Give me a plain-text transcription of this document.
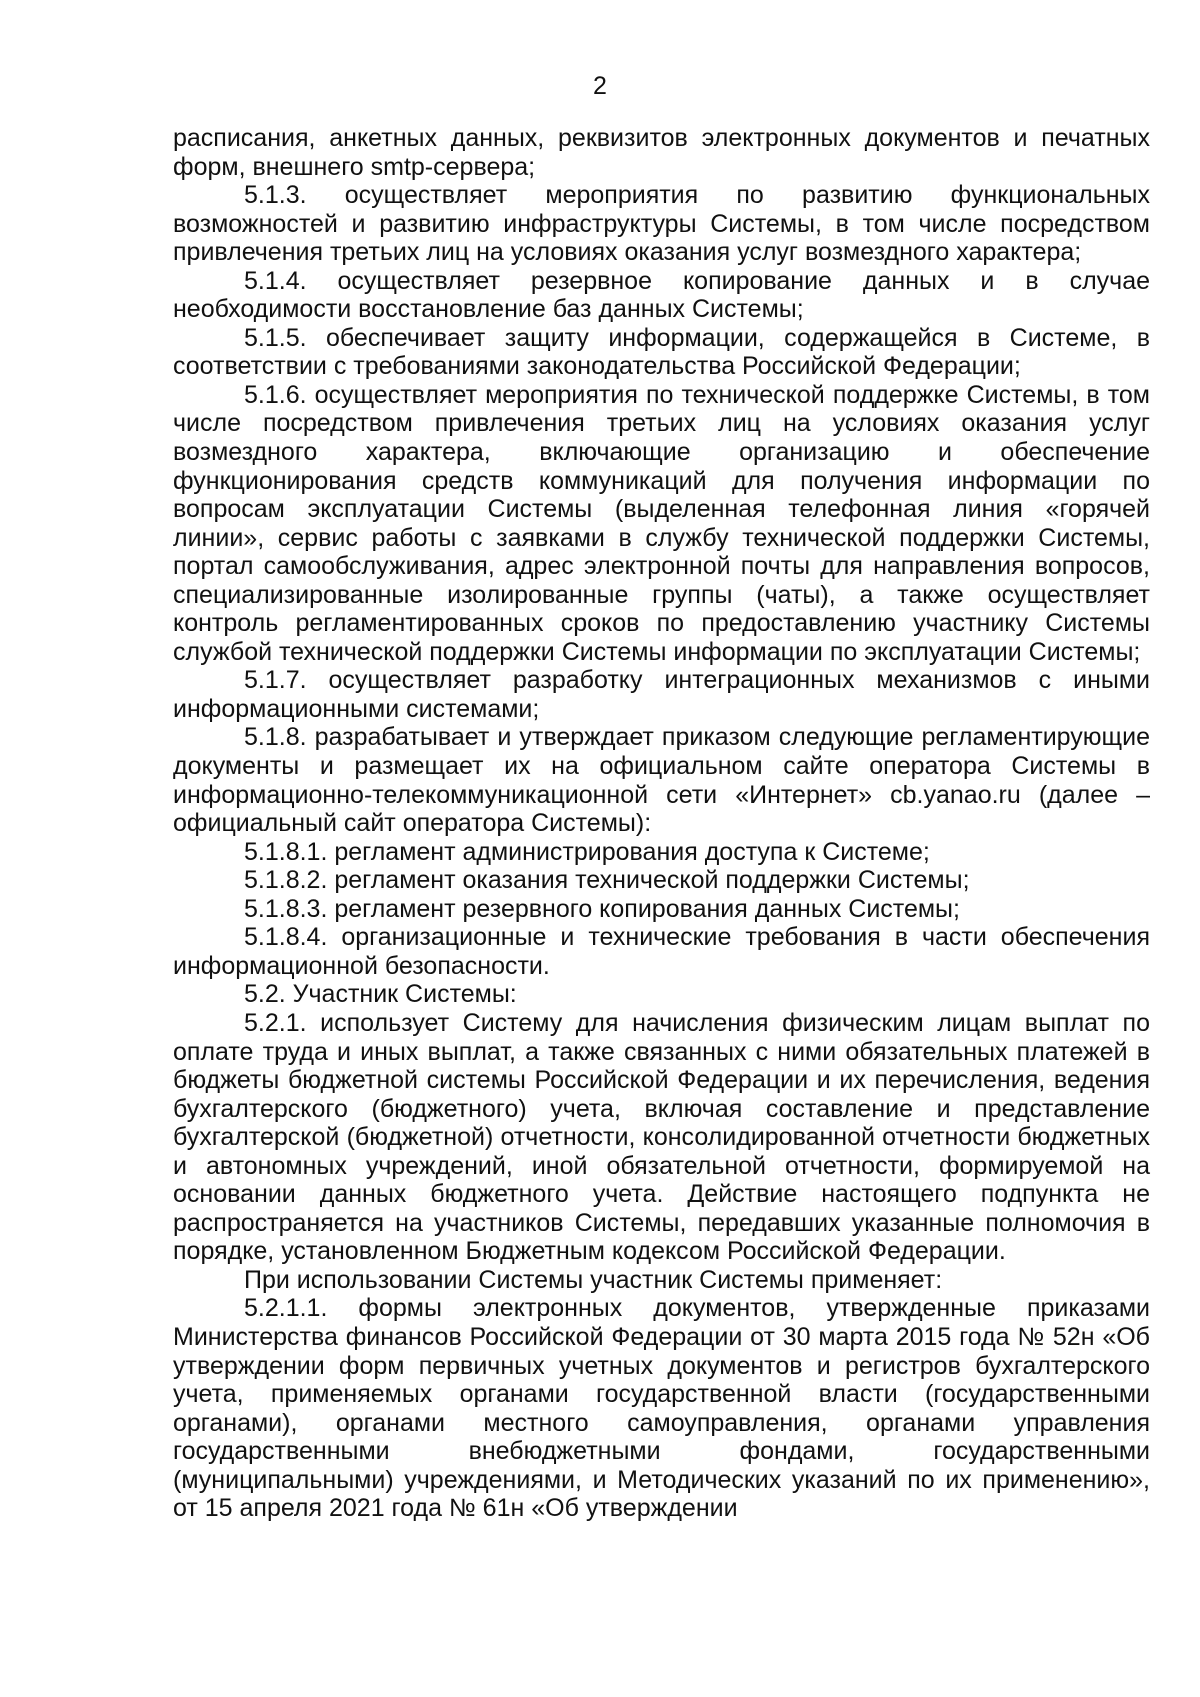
2

расписания, анкетных данных, реквизитов электронных документов и печатных форм, внешнего smtp-сервера;

5.1.3. осуществляет мероприятия по развитию функциональных возможностей и развитию инфраструктуры Системы, в том числе посредством привлечения третьих лиц на условиях оказания услуг возмездного характера;

5.1.4. осуществляет резервное копирование данных и в случае необходимости восстановление баз данных Системы;

5.1.5. обеспечивает защиту информации, содержащейся в Системе, в соответствии с требованиями законодательства Российской Федерации;

5.1.6. осуществляет мероприятия по технической поддержке Системы, в том числе посредством привлечения третьих лиц на условиях оказания услуг возмездного характера, включающие организацию и обеспечение функционирования средств коммуникаций для получения информации по вопросам эксплуатации Системы (выделенная телефонная линия «горячей линии», сервис работы с заявками в службу технической поддержки Системы, портал самообслуживания, адрес электронной почты для направления вопросов, специализированные изолированные группы (чаты), а также осуществляет контроль регламентированных сроков по предоставлению участнику Системы службой технической поддержки Системы информации по эксплуатации Системы;

5.1.7. осуществляет разработку интеграционных механизмов с иными информационными системами;

5.1.8. разрабатывает и утверждает приказом следующие регламентирующие документы и размещает их на официальном сайте оператора Системы в информационно-телекоммуникационной сети «Интернет» cb.yanao.ru (далее – официальный сайт оператора Системы):

5.1.8.1. регламент администрирования доступа к Системе;

5.1.8.2. регламент оказания технической поддержки Системы;

5.1.8.3. регламент резервного копирования данных Системы;

5.1.8.4. организационные и технические требования в части обеспечения информационной безопасности.

5.2. Участник Системы:

5.2.1. использует Систему для начисления физическим лицам выплат по оплате труда и иных выплат, а также связанных с ними обязательных платежей в бюджеты бюджетной системы Российской Федерации и их перечисления, ведения бухгалтерского (бюджетного) учета, включая составление и представление бухгалтерской (бюджетной) отчетности, консолидированной отчетности бюджетных и автономных учреждений, иной обязательной отчетности, формируемой на основании данных бюджетного учета. Действие настоящего подпункта не распространяется на участников Системы, передавших указанные полномочия в порядке, установленном Бюджетным кодексом Российской Федерации.

При использовании Системы участник Системы применяет:

5.2.1.1. формы электронных документов, утвержденные приказами Министерства финансов Российской Федерации от 30 марта 2015 года № 52н «Об утверждении форм первичных учетных документов и регистров бухгалтерского учета, применяемых органами государственной власти (государственными органами), органами местного самоуправления, органами управления государственными внебюджетными фондами, государственными (муниципальными) учреждениями, и Методических указаний по их применению», от 15 апреля 2021 года № 61н «Об утверждении
